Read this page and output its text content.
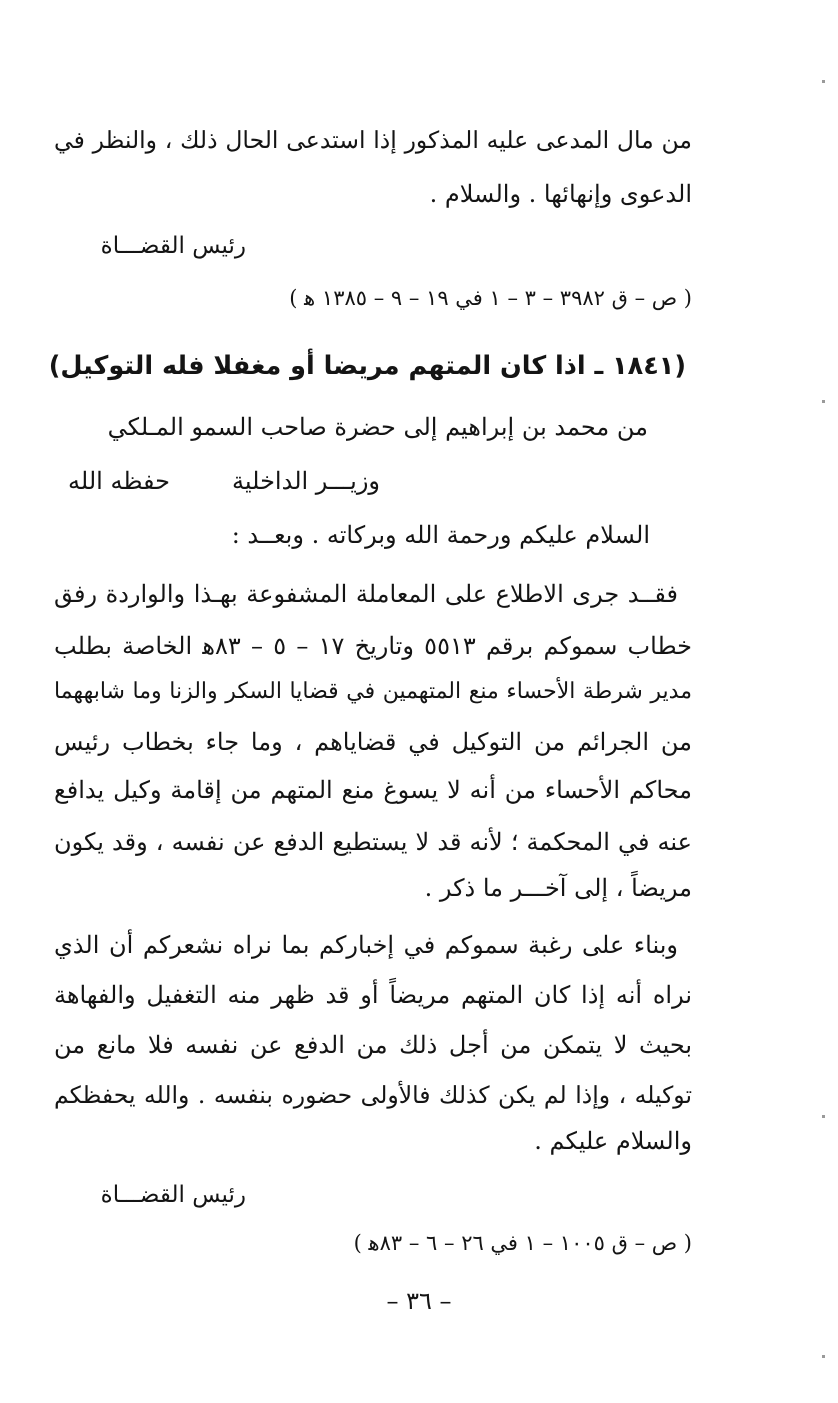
من مال المدعى عليه المذكور إذا استدعى الحال ذلك ، والنظر في
الدعوى وإنهائها . والسلام .
رئيس القضـــاة
( ص – ق ٣٩٨٢ – ٣ – ١ في ١٩ – ٩ – ١٣٨٥ ﻫ )
(١٨٤١ ـ اذا كان المتهم مريضا أو مغفلا فله التوكيل)
من محمد بن إبراهيم إلى حضرة صاحب السمو المـلكي
وزيـــر الداخلية
حفظه الله
السلام عليكم ورحمة الله وبركاته . وبعــد :
فقــد جرى الاطلاع على المعاملة المشفوعة بهـذا والواردة رفق
خطاب سموكم برقم ٥٥١٣ وتاريخ ١٧ – ٥ – ٨٣ﻫ الخاصة بطلب
مدير شرطة الأحساء منع المتهمين في قضايا السكر والزنا وما شابههما
من الجرائم من التوكيل في قضاياهم ، وما جاء بخطاب رئيس
محاكم الأحساء من أنه لا يسوغ منع المتهم من إقامة وكيل يدافع
عنه في المحكمة ؛ لأنه قد لا يستطيع الدفع عن نفسه ، وقد يكون
مريضاً ، إلى آخـــر ما ذكر .
وبناء على رغبة سموكم في إخباركم بما نراه نشعركم أن الذي
نراه أنه إذا كان المتهم مريضاً أو قد ظهر منه التغفيل والفهاهة
بحيث لا يتمكن من أجل ذلك من الدفع عن نفسه فلا مانع من
توكيله ، وإذا لم يكن كذلك فالأولى حضوره بنفسه . والله يحفظكم
والسلام عليكم .
رئيس القضـــاة
( ص – ق ١٠٠٥ – ١ في ٢٦ – ٦ – ٨٣ﻫ )
– ٣٦ –
